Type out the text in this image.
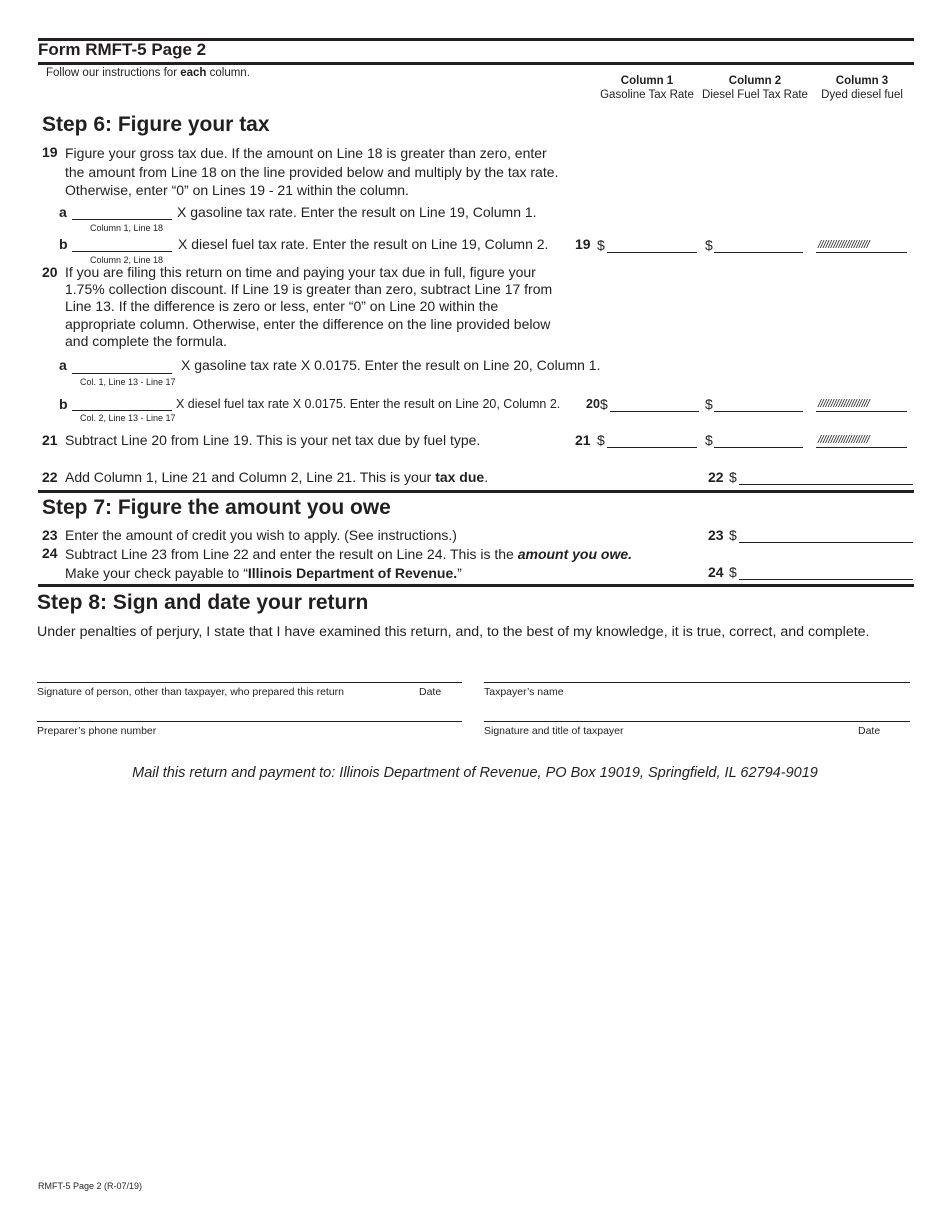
Form RMFT-5 Page 2
Follow our instructions for each column.
Column 1
Gasoline Tax Rate
Column 2
Diesel Fuel Tax Rate
Column 3
Dyed diesel fuel
Step 6: Figure your tax
19 Figure your gross tax due. If the amount on Line 18 is greater than zero, enter
the amount from Line 18 on the line provided below and multiply by the tax rate.
Otherwise, enter “0” on Lines 19 - 21 within the column.
a
Column 1, Line 18
X gasoline tax rate. Enter the result on Line 19, Column 1.
b
Column 2, Line 18
X diesel fuel tax rate. Enter the result on Line 19, Column 2. 19 $	$	////////////////////
20 If you are filing this return on time and paying your tax due in full, figure your
1.75% collection discount. If Line 19 is greater than zero, subtract Line 17 from
Line 13. If the difference is zero or less, enter “0” on Line 20 within the
appropriate column. Otherwise, enter the difference on the line provided below
and complete the formula.
a
Col. 1, Line 13 - Line 17
X gasoline tax rate X 0.0175. Enter the result on Line 20, Column 1.
b
Col. 2, Line 13 - Line 17
X diesel fuel tax rate X 0.0175. Enter the result on Line 20, Column 2. 20 $	$	////////////////////
21 Subtract Line 20 from Line 19. This is your net tax due by fuel type.	21 $	$	////////////////////
22 Add Column 1, Line 21 and Column 2, Line 21. This is your tax due.	22 $
Step 7: Figure the amount you owe
23 Enter the amount of credit you wish to apply. (See instructions.)	23 $
24 Subtract Line 23 from Line 22 and enter the result on Line 24. This is the amount you owe.
Make your check payable to “Illinois Department of Revenue.”	24 $
Step 8: Sign and date your return
Under penalties of perjury, I state that I have examined this return, and, to the best of my knowledge, it is true, correct, and complete.
Signature of person, other than taxpayer, who prepared this return	Date	Taxpayer’s name
Preparer’s phone number	Signature and title of taxpayer	Date
Mail this return and payment to: Illinois Department of Revenue, PO Box 19019, Springfield, IL 62794-9019
RMFT-5 Page 2 (R-07/19)
